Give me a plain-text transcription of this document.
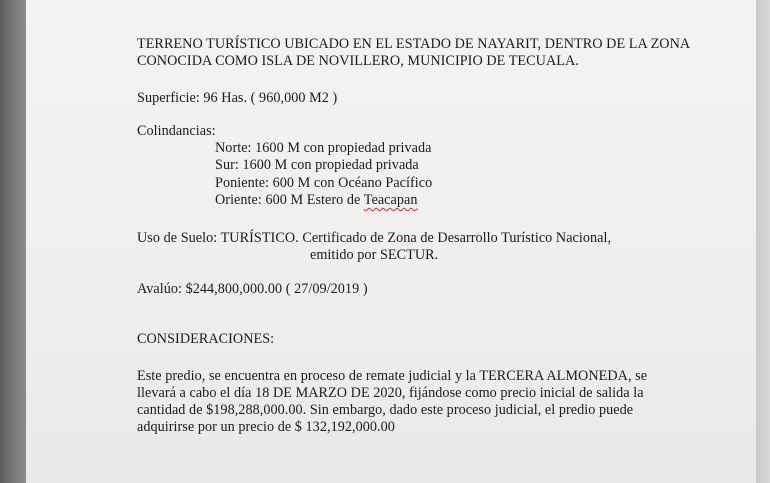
TERRENO TURÍSTICO UBICADO EN EL ESTADO DE NAYARIT, DENTRO DE LA ZONA
CONOCIDA COMO ISLA DE NOVILLERO, MUNICIPIO DE TECUALA.
Superficie: 96 Has. ( 960,000 M2 )
Colindancias:
Norte: 1600 M con propiedad privada
Sur: 1600 M con propiedad privada
Poniente: 600 M con Océano Pacífico
Oriente: 600 M Estero de Teacapan
Uso de Suelo: TURÍSTICO. Certificado de Zona de Desarrollo Turístico Nacional,
emitido por SECTUR.
Avalúo: $244,800,000.00 ( 27/09/2019 )
CONSIDERACIONES:
Este predio, se encuentra en proceso de remate judicial y la TERCERA ALMONEDA, se
llevará a cabo el día 18 DE MARZO DE 2020, fijándose como precio inicial de salida la
cantidad de $198,288,000.00. Sin embargo, dado este proceso judicial, el predio puede
adquirirse por un precio de $ 132,192,000.00
